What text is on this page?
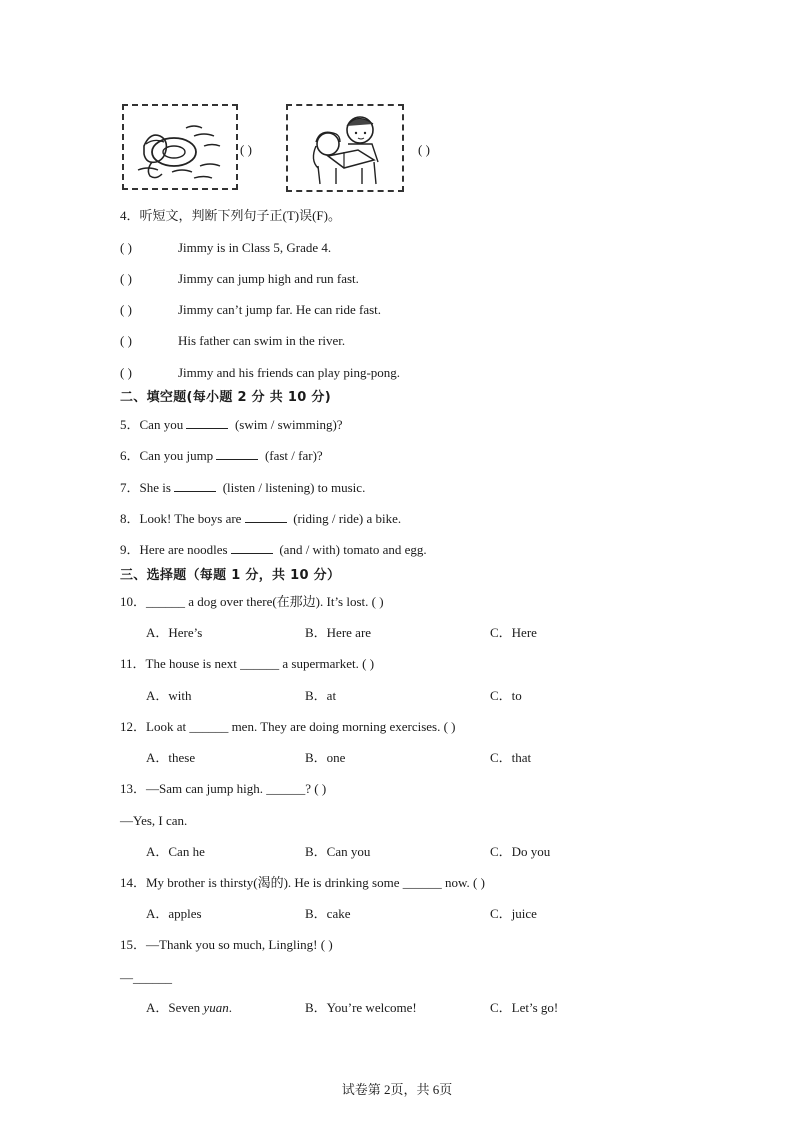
( )	( )
4．听短文，判断下列句子正(T)误(F)。
( )	Jimmy is in Class 5, Grade 4.
( )	Jimmy can jump high and run fast.
( )	Jimmy can’t jump far. He can ride fast.
( )	His father can swim in the river.
( )	Jimmy and his friends can play ping-pong.
二、填空题(每小题 2 分 共 10 分)
5．Can you	(swim / swimming)?
6．Can you jump	(fast / far)?
7．She is	(listen / listening) to music.
8．Look! The boys are	(riding / ride) a bike.
9．Here are noodles	(and / with) tomato and egg.
三、选择题（每题 1 分，共 10 分）
10．______ a dog over there(在那边). It’s lost. ( )
A．Here’s	B．Here are	C．Here
11．The house is next ______ a supermarket. ( )
A．with	B．at	C．to
12．Look at ______ men. They are doing morning exercises. ( )
A．these	B．one	C．that
13．—Sam can jump high. ______? ( )
—Yes, I can.
A．Can he	B．Can you	C．Do you
14．My brother is thirsty(渴的). He is drinking some ______ now. ( )
A．apples	B．cake	C．juice
15．—Thank you so much, Lingling! ( )
—______
A．Seven yuan.	B．You’re welcome!	C．Let’s go!
试卷第 2页，共 6页
